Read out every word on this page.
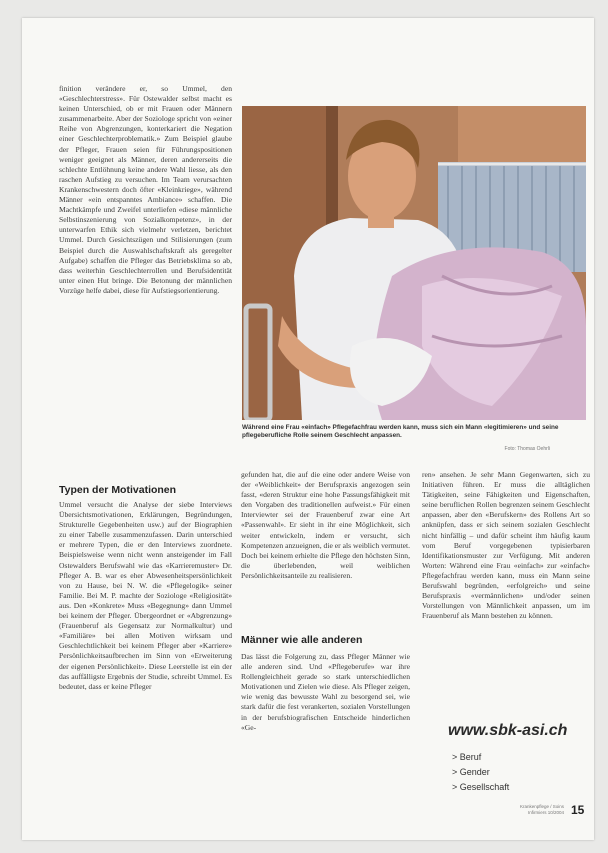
finition verändere er, so Ummel, den «Geschlechterstress». Für Ostewalder selbst macht es keinen Unterschied, ob er mit Frauen oder Männern zusammenarbeite. Aber der Soziologe spricht von «einer Reihe von Abgrenzungen, konterkariert die Negation einer Geschlechterproblematik.» Zum Beispiel glaube der Pfleger, Frauen seien für Führungspositionen weniger geeignet als Männer, deren andererseits die schlechte Entlöhnung keine andere Wahl liesse, als den raschen Aufstieg zu versuchen. Im Team verursachten Krankenschwestern doch öfter «Kleinkriege», während Männer «ein entspanntes Ambiance» schaffen. Die Machtkämpfe und Zweifel unterliefen «diese männliche Selbstinszenierung von Sozialkompetenz», in der unterwarfen Ethik sich vielmehr verletzen, berichtet Ummel. Durch Gesichtszügen und Stilisierungen (zum Beispiel durch die Auswahlschaftskraft als geregelter Aufgabe) schaffen die Pfleger das Betriebsklima so ab, dass weiterhin Geschlechterrollen und Berufsidentität unter einen Hut bringe. Die Betonung der männlichen Vorzüge helfe dabei, diese für Aufstiegsorientierung.

Während eine Frau «einfach» Pflegefachfrau werden kann, muss sich ein Mann «legitimieren» und seine pflegeberufliche Rolle seinem Geschlecht anpassen.
Foto: Thomas Oehrli
Typen der Motivationen

Ummel versucht die Analyse der siebe Interviews Übersichtsmotivationen, Erklärungen, Begründungen, Strukturelle Gegebenheiten usw.) auf der Biographien zu einer Tabelle zusammenzufassen. Darin unterschied er mehrere Typen, die er den Interviews zuordnete. Beispielsweise wenn nicht wenn ansteigender im Fall Ostewalders Berufswahl wie das «Karrieremuster» Dr. Pfleger A. B. war es eher Abwesenheitspersönlichkeit von zu Hause, bei N. W. die «Pflegelogik» seiner Familie. Bei M. P. machte der Soziologe «Religiosität» aus. Den «Konkrete» Muss «Begegnung» dann Ummel bei keinem der Pfleger. Übergeordnet er «Abgrenzung» (Frauenberuf als Gegensatz zur Normalkultur) und «Familiäre» bei allen Motiven wirksam und Geschlechtlichkeit bei keinem Pfleger aber «Karriere» Persönlichkeitsaufbrechen im Sinn von «Erweiterung der eigenen Persönlichkeit». Diese Leerstelle ist ein der das auffälligste Ergebnis der Studie, schreibt Ummel. Es bedeutet, dass er keine Pfleger

gefunden hat, die auf die eine oder andere Weise von der «Weiblichkeit» der Berufspraxis angezogen sein fasst, «deren Struktur eine hohe Passungsfähigkeit mit den Vorgaben des traditionellen aufweist.» Für einen Interviewter sei der Frauenberuf zwar eine Art «Passenwahl». Er sieht in ihr eine Möglichkeit, sich weiter entwickeln, indem er versucht, sich Kompetenzen anzueignen, die er als weiblich vermutet. Doch bei keinem erhielte die Pflege den höchsten Sinn, die überlebenden, weil weiblichen Persönlichkeitsanteile zu realisieren.

Männer wie alle anderen

Das lässt die Folgerung zu, dass Pfleger Männer wie alle anderen sind. Und «Pflegeberufe» war ihre Rollengleichheit gerade so stark unterschiedlichen Motivationen und Zielen wie diese. Als Pfleger zeigen, wie wenig das bewusste Wahl zu besorgend sei, wie stark dafür die fest verankerten, sozialen Vorstellungen in der berufsbiografischen Entscheide hinderlichen «Ge-

ren» ansehen. Je sehr Mann Gegenwarten, sich zu Initiativen führen. Er muss die alltäglichen Tätigkeiten, seine Fähigkeiten und Eigenschaften, seine beruflichen Rollen begrenzen seinem Geschlecht anpassen, aber den «Berufskern» des Rollens Art so anknüpfen, dass er sich seinem sozialen Geschlecht nicht hinfällig – und dafür scheint ihm häufig kaum vom Beruf vorgegebenen typisierbaren Identifikationsmuster zur Verfügung. Mit anderen Worten: Während eine Frau «einfach» zur «einfach» Pflegefachfrau werden kann, muss ein Mann seine Berufswahl begründen, «erfolgreich» und seine Berufspraxis «vermännlichen» und/oder seinen Vorstellungen von Männlichkeit anpassen, um im Frauenberuf als Mann bestehen zu können.

www.sbk-asi.ch
> Beruf
> Gender
> Gesellschaft
Krankenpflege / Soins
Infirmiers 10/2004 15
